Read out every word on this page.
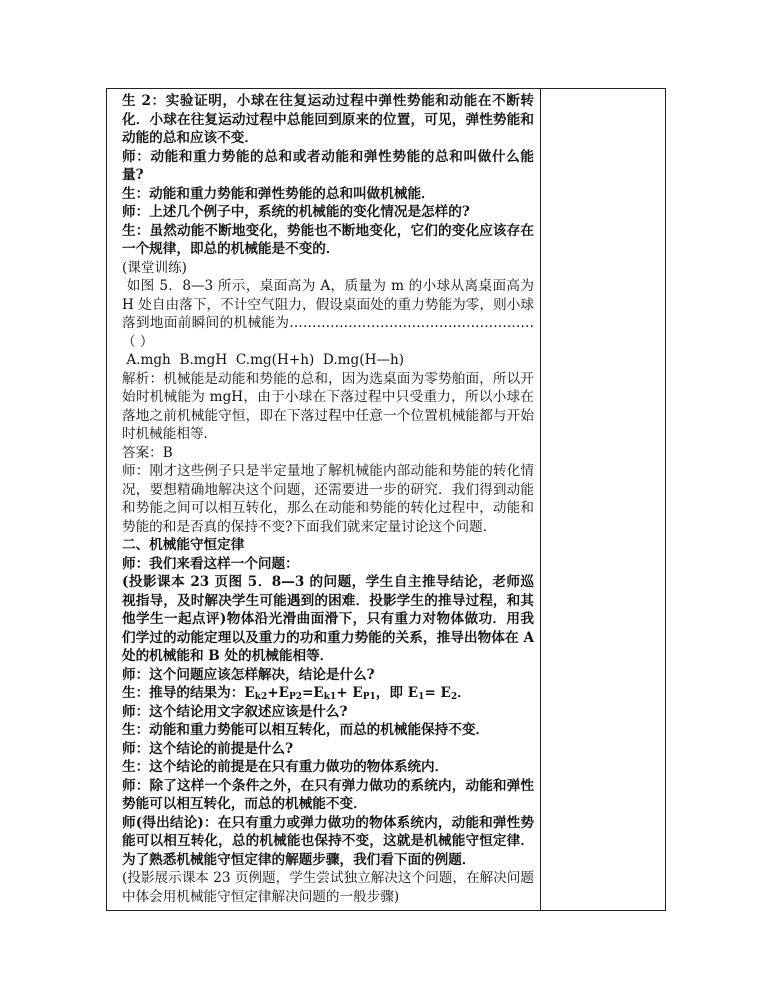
生 2：实验证明，小球在往复运动过程中弹性势能和动能在不断转化．小球在往复运动过程中总能回到原来的位置，可见，弹性势能和动能的总和应该不变．

师：动能和重力势能的总和或者动能和弹性势能的总和叫做什么能量?

生：动能和重力势能和弹性势能的总和叫做机械能．

师：上述几个例子中，系统的机械能的变化情况是怎样的?

生：虽然动能不断地变化，势能也不断地变化，它们的变化应该存在一个规律，即总的机械能是不变的．

(课堂训练)

如图 5．8—3 所示，桌面高为 A，质量为 m 的小球从离桌面高为 H 处自由落下，不计空气阻力，假设桌面处的重力势能为零，则小球落到地面前瞬间的机械能为………………………………………………（ ）

A.mgh  B.mgH  C.mg(H+h)  D.mg(H—h)

解析：机械能是动能和势能的总和，因为选桌面为零势舶面，所以开始时机械能为 mgH，由于小球在下落过程中只受重力，所以小球在落地之前机械能守恒，即在下落过程中任意一个位置机械能都与开始时机械能相等．

答案：B

师：刚才这些例子只是半定量地了解机械能内部动能和势能的转化情况，要想精确地解决这个问题，还需要进一步的研究．我们得到动能和势能之间可以相互转化，那么在动能和势能的转化过程中，动能和势能的和是否真的保持不变?下面我们就来定量讨论这个问题．

二、机械能守恒定律

师：我们来看这样一个问题：

(投影课本 23 页图 5．8—3 的问题，学生自主推导结论，老师巡视指导，及时解决学生可能遇到的困难．投影学生的推导过程，和其他学生一起点评)物体沿光滑曲面滑下，只有重力对物体做功．用我们学过的动能定理以及重力的功和重力势能的关系，推导出物体在 A 处的机械能和 B 处的机械能相等．

师：这个问题应该怎样解决，结论是什么?

生：推导的结果为：$E_{k2}+E_{P2}=E_{k1}+ E_{P1}$，即 $E_1= E_2$．

师：这个结论用文字叙述应该是什么?

生：动能和重力势能可以相互转化，而总的机械能保持不变．

师：这个结论的前提是什么?

生：这个结论的前提是在只有重力做功的物体系统内．

师：除了这样一个条件之外，在只有弹力做功的系统内，动能和弹性势能可以相互转化，而总的机械能不变．

师(得出结论)：在只有重力或弹力做功的物体系统内，动能和弹性势能可以相互转化，总的机械能也保持不变，这就是机械能守恒定律．为了熟悉机械能守恒定律的解题步骤，我们看下面的例题．

(投影展示课本 23 页例题，学生尝试独立解决这个问题，在解决问题中体会用机械能守恒定律解决问题的一般步骤)
